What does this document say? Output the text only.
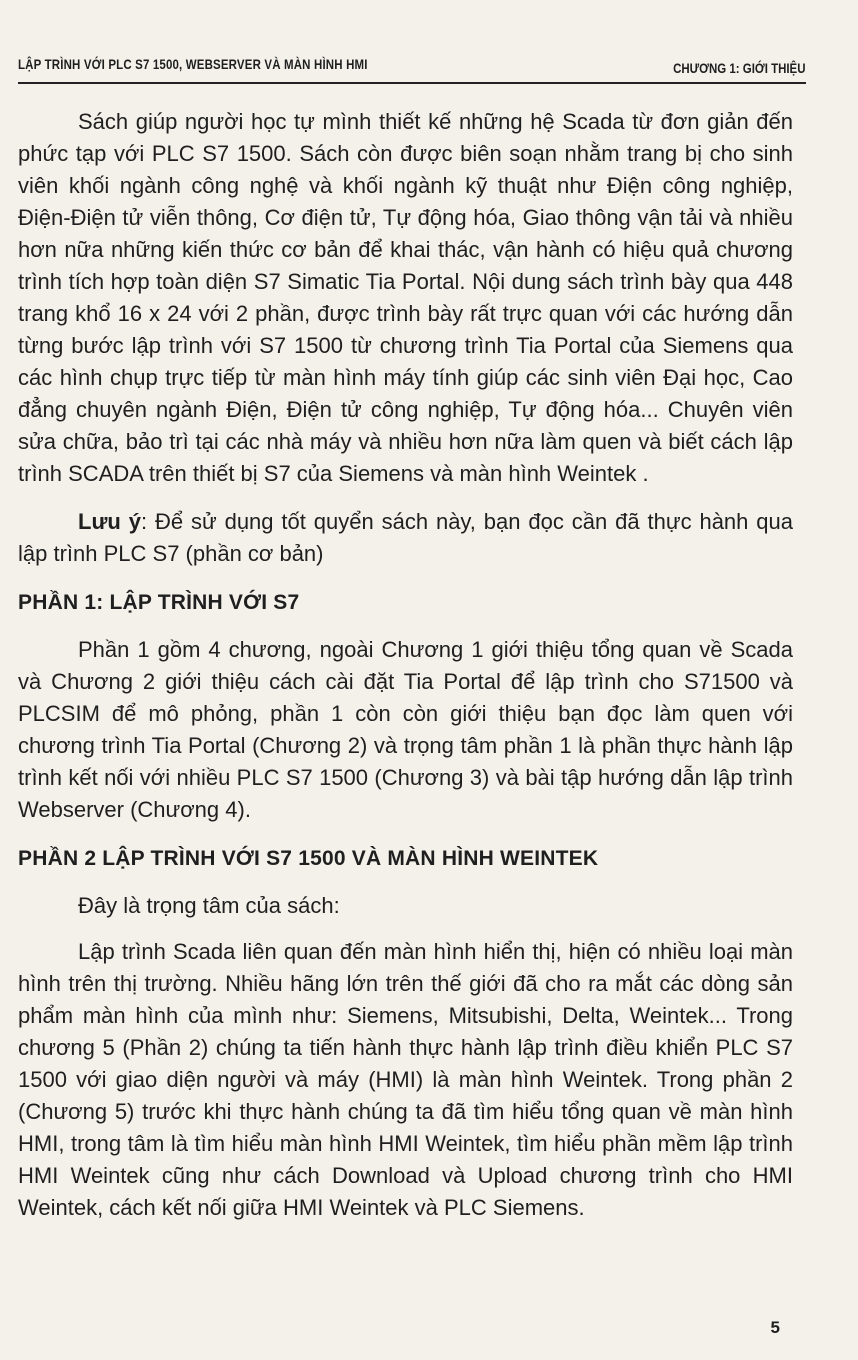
LẬP TRÌNH VỚI PLC S7 1500, WEBSERVER VÀ MÀN HÌNH HMI	CHƯƠNG 1: GIỚI THIỆU

Sách giúp người học tự mình thiết kế những hệ Scada từ đơn giản đến phức tạp với PLC S7 1500. Sách còn được biên soạn nhằm trang bị cho sinh viên khối ngành công nghệ và khối ngành kỹ thuật như Điện công nghiệp, Điện-Điện tử viễn thông, Cơ điện tử, Tự động hóa, Giao thông vận tải và nhiều hơn nữa những kiến thức cơ bản để khai thác, vận hành có hiệu quả chương trình tích hợp toàn diện S7 Simatic Tia Portal. Nội dung sách trình bày qua 448 trang khổ 16 x 24 với 2 phần, được trình bày rất trực quan với các hướng dẫn từng bước lập trình với S7 1500 từ chương trình Tia Portal của Siemens qua các hình chụp trực tiếp từ màn hình máy tính giúp các sinh viên Đại học, Cao đẳng chuyên ngành Điện, Điện tử công nghiệp, Tự động hóa... Chuyên viên sửa chữa, bảo trì tại các nhà máy và nhiều hơn nữa làm quen và biết cách lập trình SCADA trên thiết bị S7 của Siemens và màn hình Weintek .

Lưu ý: Để sử dụng tốt quyển sách này, bạn đọc cần đã thực hành qua lập trình PLC S7 (phần cơ bản)

PHẦN 1: LẬP TRÌNH VỚI S7

Phần 1 gồm 4 chương, ngoài Chương 1 giới thiệu tổng quan về Scada và Chương 2 giới thiệu cách cài đặt Tia Portal để lập trình cho S71500 và PLCSIM để mô phỏng, phần 1 còn còn giới thiệu bạn đọc làm quen với chương trình Tia Portal (Chương 2) và trọng tâm phần 1 là phần thực hành lập trình kết nối với nhiều PLC S7 1500 (Chương 3) và bài tập hướng dẫn lập trình Webserver (Chương 4).

PHẦN 2 LẬP TRÌNH VỚI S7 1500 VÀ MÀN HÌNH WEINTEK

Đây là trọng tâm của sách:

Lập trình Scada liên quan đến màn hình hiển thị, hiện có nhiều loại màn hình trên thị trường. Nhiều hãng lớn trên thế giới đã cho ra mắt các dòng sản phẩm màn hình của mình như: Siemens, Mitsubishi, Delta, Weintek... Trong chương 5 (Phần 2) chúng ta tiến hành thực hành lập trình điều khiển PLC S7 1500 với giao diện người và máy (HMI) là màn hình Weintek. Trong phần 2 (Chương 5) trước khi thực hành chúng ta đã tìm hiểu tổng quan về màn hình HMI, trong tâm là tìm hiểu màn hình HMI Weintek, tìm hiểu phần mềm lập trình HMI Weintek cũng như cách Download và Upload chương trình cho HMI Weintek, cách kết nối giữa HMI Weintek và PLC Siemens.

5
